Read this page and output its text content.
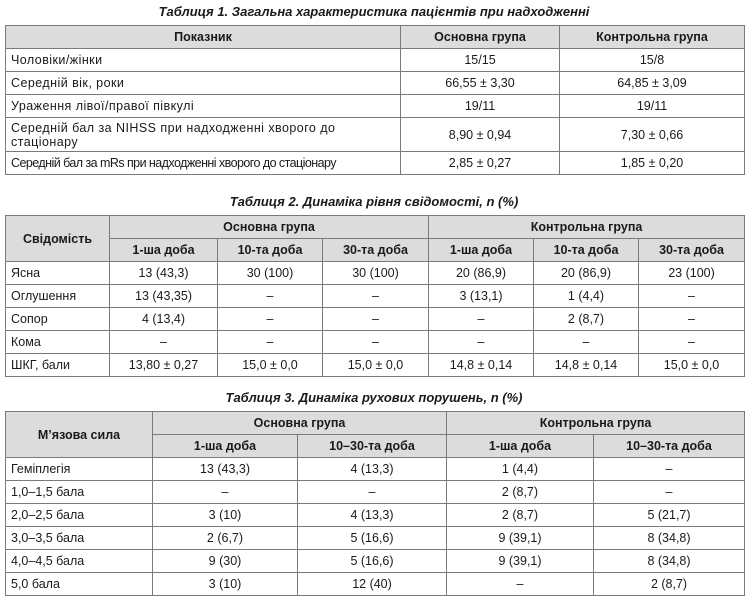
Таблиця 1. Загальна характеристика пацієнтів при надходженні
Показник	Основна група	Контрольна група
Чоловіки/жінки	15/15	15/8
Середній вік, роки	66,55 ± 3,30	64,85 ± 3,09
Ураження лівої/правої півкулі	19/11	19/11
Середній бал за NIHSS при надходженні хворого до стаціонару	8,90 ± 0,94	7,30 ± 0,66
Середній бал за mRs при надходженні хворого до стаціонару	2,85 ± 0,27	1,85 ± 0,20
Таблиця 2. Динаміка рівня свідомості, n (%)
Свідомість	Основна група			Контрольна група		
	1-ша доба	10-та доба	30-та доба	1-ша доба	10-та доба	30-та доба
Ясна	13 (43,3)	30 (100)	30 (100)	20 (86,9)	20 (86,9)	23 (100)
Оглушення	13 (43,35)	–	–	3 (13,1)	1 (4,4)	–
Сопор	4 (13,4)	–	–	–	2 (8,7)	–
Кома	–	–	–	–	–	–
ШКГ, бали	13,80 ± 0,27	15,0 ± 0,0	15,0 ± 0,0	14,8 ± 0,14	14,8 ± 0,14	15,0 ± 0,0
Таблиця 3. Динаміка рухових порушень, n (%)
М’язова сила	Основна група		Контрольна група	
	1-ша доба	10–30-та доба	1-ша доба	10–30-та доба
Геміплегія	13 (43,3)	4 (13,3)	1 (4,4)	–
1,0–1,5 бала	–	–	2 (8,7)	–
2,0–2,5 бала	3 (10)	4 (13,3)	2 (8,7)	5 (21,7)
3,0–3,5 бала	2 (6,7)	5 (16,6)	9 (39,1)	8 (34,8)
4,0–4,5 бала	9 (30)	5 (16,6)	9 (39,1)	8 (34,8)
5,0 бала	3 (10)	12 (40)	–	2 (8,7)
